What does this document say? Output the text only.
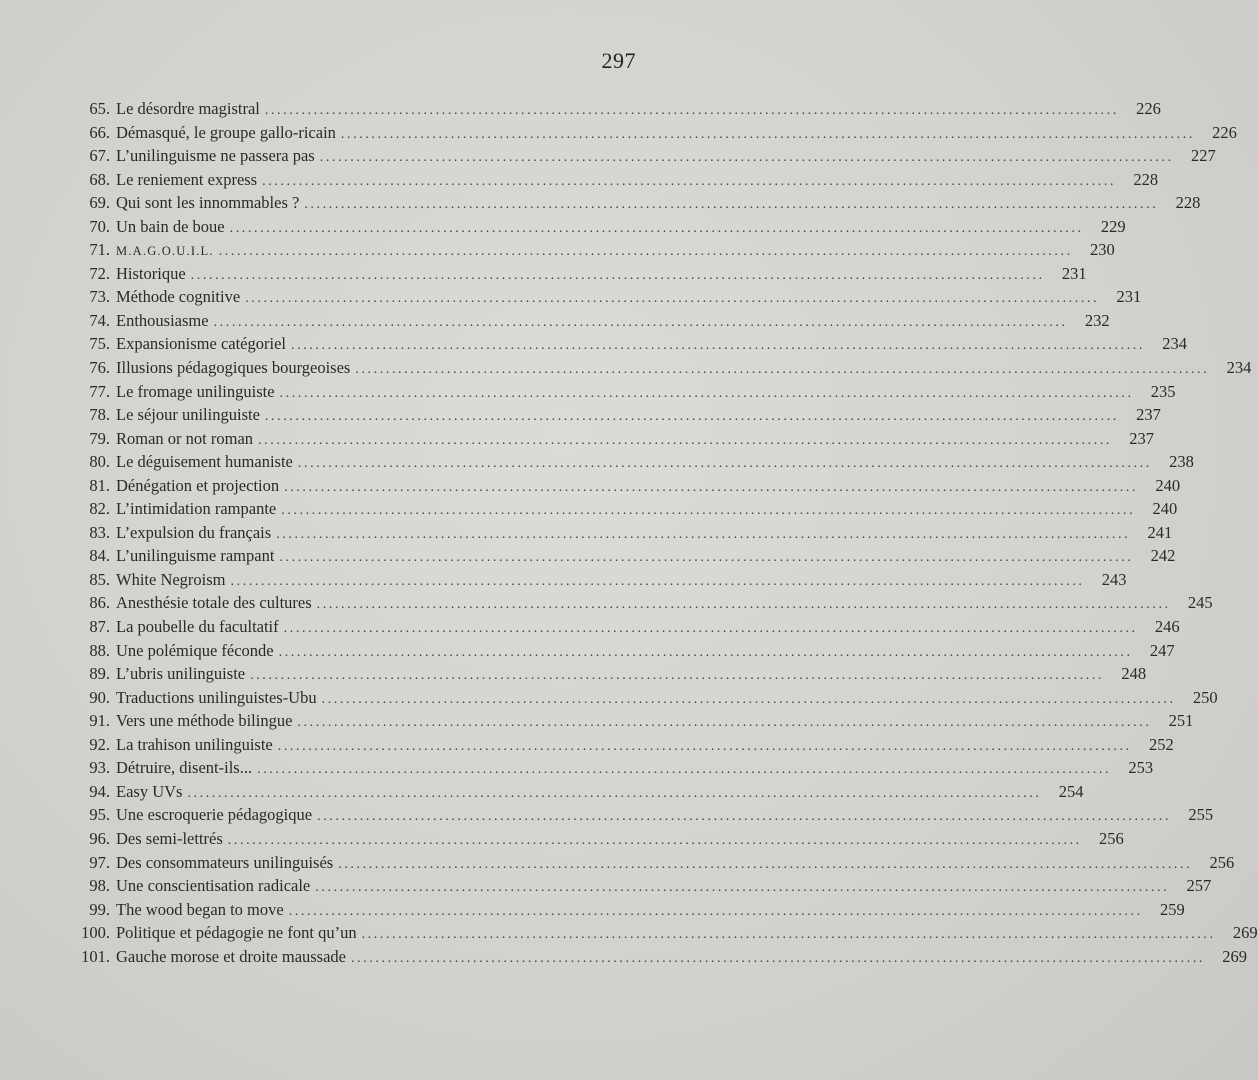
297
65. Le désordre magistral .....	226
66. Démasqué, le groupe gallo-ricain .....	226
67. L’unilinguisme ne passera pas .....	227
68. Le reniement express .....	228
69. Qui sont les innommables ? .....	228
70. Un bain de boue .....	229
71. M.A.G.O.U.I.L. .....	230
72. Historique .....	231
73. Méthode cognitive .....	231
74. Enthousiasme .....	232
75. Expansionisme catégoriel .....	234
76. Illusions pédagogiques bourgeoises .....	234
77. Le fromage unilinguiste .....	235
78. Le séjour unilinguiste .....	237
79. Roman or not roman .....	237
80. Le déguisement humaniste .....	238
81. Dénégation et projection .....	240
82. L’intimidation rampante .....	240
83. L’expulsion du français .....	241
84. L’unilinguisme rampant .....	242
85. White Negroism .....	243
86. Anesthésie totale des cultures .....	245
87. La poubelle du facultatif .....	246
88. Une polémique féconde .....	247
89. L’ubris unilinguiste .....	248
90. Traductions unilinguistes-Ubu .....	250
91. Vers une méthode bilingue .....	251
92. La trahison unilinguiste .....	252
93. Détruire, disent-ils... .....	253
94. Easy UVs .....	254
95. Une escroquerie pédagogique .....	255
96. Des semi-lettrés .....	256
97. Des consommateurs unilinguisés .....	256
98. Une conscientisation radicale .....	257
99. The wood began to move .....	259
100. Politique et pédagogie ne font qu’un .....	269
101. Gauche morose et droite maussade .....	269
